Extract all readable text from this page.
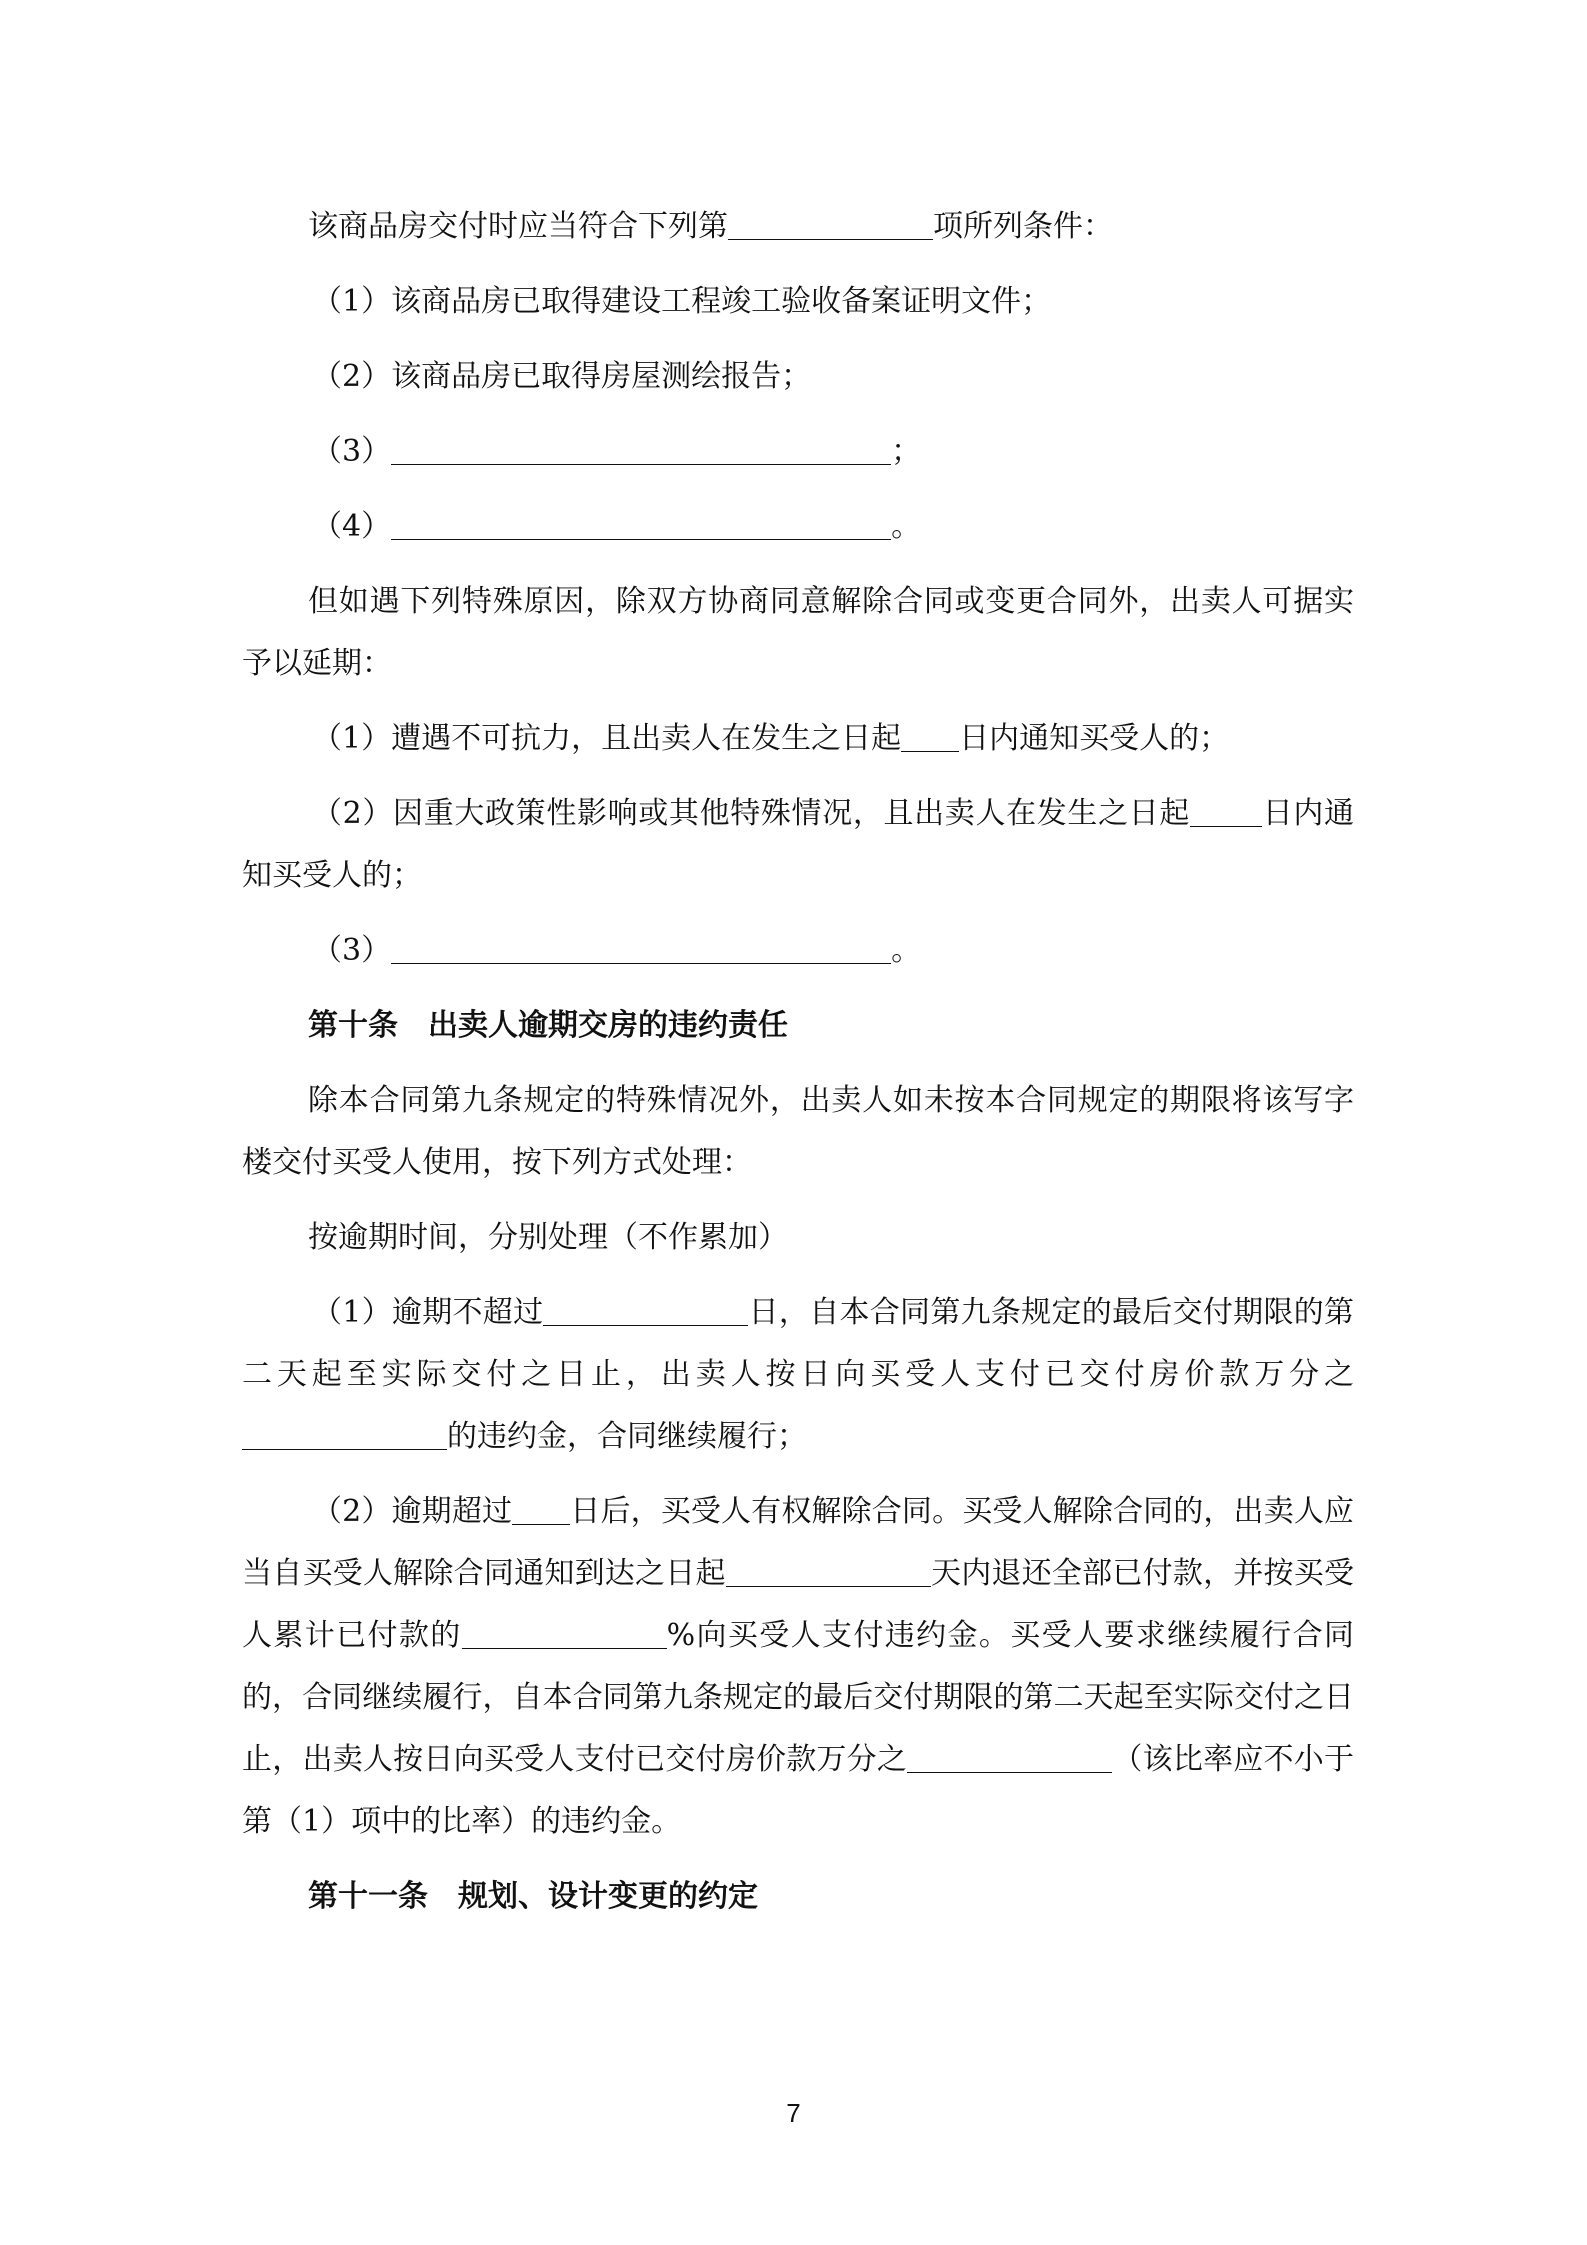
该商品房交付时应当符合下列第	项所列条件：

（1）该商品房已取得建设工程竣工验收备案证明文件；

（2）该商品房已取得房屋测绘报告；

（3）	；

（4）	。

但如遇下列特殊原因，除双方协商同意解除合同或变更合同外，出卖人可据实予以延期：

（1）遭遇不可抗力，且出卖人在发生之日起 日内通知买受人的；

（2）因重大政策性影响或其他特殊情况，且出卖人在发生之日起 日内通知买受人的；

（3）	。

第十条　出卖人逾期交房的违约责任

除本合同第九条规定的特殊情况外，出卖人如未按本合同规定的期限将该写字楼交付买受人使用，按下列方式处理：

按逾期时间，分别处理（不作累加）

（1）逾期不超过	日，自本合同第九条规定的最后交付期限的第二天起至实际交付之日止，出卖人按日向买受人支付已交付房价款万分之的违约金，合同继续履行；

（2）逾期超过 日后，买受人有权解除合同。买受人解除合同的，出卖人应当自买受人解除合同通知到达之日起	天内退还全部已付款，并按买受人累计已付款的	%向买受人支付违约金。买受人要求继续履行合同的，合同继续履行，自本合同第九条规定的最后交付期限的第二天起至实际交付之日止，出卖人按日向买受人支付已交付房价款万分之	（该比率应不小于第（1）项中的比率）的违约金。

第十一条　规划、设计变更的约定

7
